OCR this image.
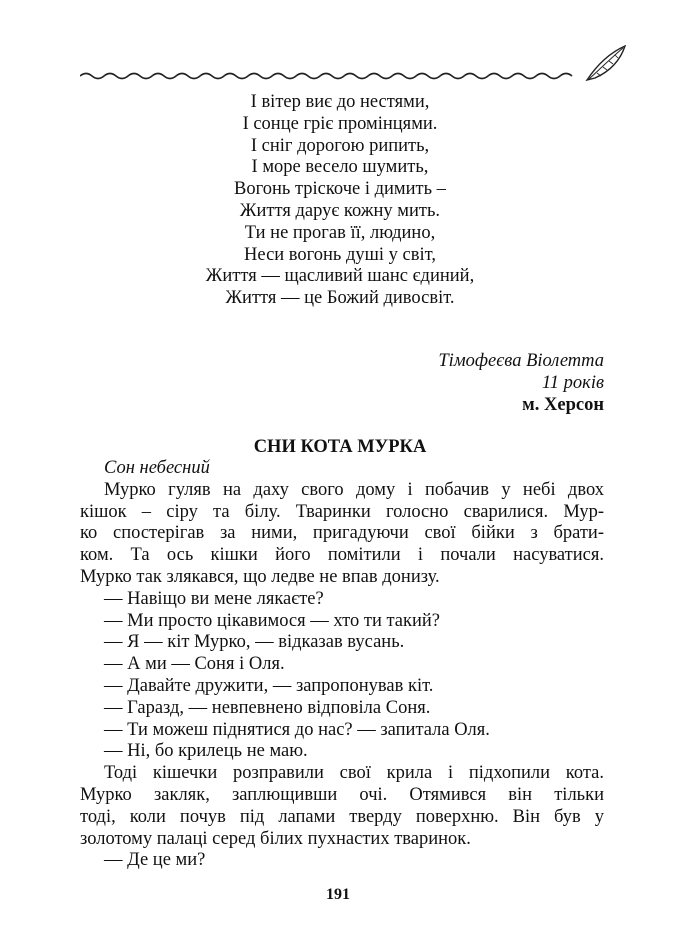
І вітер виє до нестями,
І сонце гріє промінцями.
І сніг дорогою рипить,
І море весело шумить,
Вогонь тріскоче і димить –
Життя дарує кожну мить.
Ти не прогав її, людино,
Неси вогонь душі у світ,
Життя — щасливий шанс єдиний,
Життя — це Божий дивосвіт.
Тімофеєва Віолетта
11 років
м. Херсон
СНИ КОТА МУРКА
Сон небесний
Мурко гуляв на даху свого дому і побачив у небі двох
кішок – сіру та білу. Тваринки голосно сварилися. Мур-
ко спостерігав за ними, пригадуючи свої бійки з брати-
ком. Та ось кішки його помітили і почали насуватися.
Мурко так злякався, що ледве не впав донизу.
— Навіщо ви мене лякаєте?
— Ми просто цікавимося — хто ти такий?
— Я — кіт Мурко, — відказав вусань.
— А ми — Соня і Оля.
— Давайте дружити, — запропонував кіт.
— Гаразд, — невпевнено відповіла Соня.
— Ти можеш піднятися до нас? — запитала Оля.
— Ні, бо крилець не маю.
Тоді кішечки розправили свої крила і підхопили кота.
Мурко закляк, заплющивши очі. Отямився він тільки
тоді, коли почув під лапами тверду поверхню. Він був у
золотому палаці серед білих пухнастих тваринок.
— Де це ми?
191
